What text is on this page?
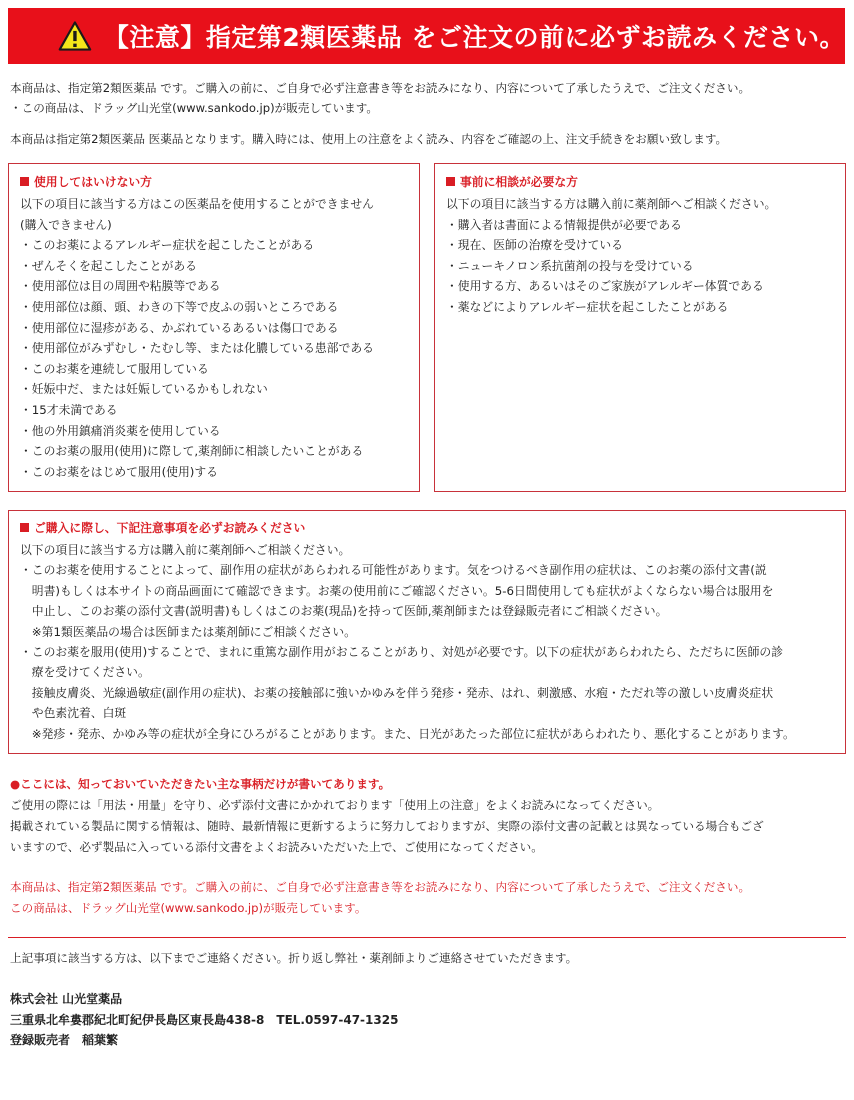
【注意】指定第2類医薬品 をご注文の前に必ずお読みください。
本商品は、指定第2類医薬品 です。ご購入の前に、ご自身で必ず注意書き等をお読みになり、内容について了承したうえで、ご注文ください。
・この商品は、ドラッグ山光堂(www.sankodo.jp)が販売しています。
本商品は指定第2類医薬品 医薬品となります。購入時には、使用上の注意をよく読み、内容をご確認の上、注文手続きをお願い致します。
使用してはいけない方
以下の項目に該当する方はこの医薬品を使用することができません
(購入できません)
・このお薬によるアレルギー症状を起こしたことがある
・ぜんそくを起こしたことがある
・使用部位は目の周囲や粘膜等である
・使用部位は顔、頭、わきの下等で皮ふの弱いところである
・使用部位に湿疹がある、かぶれているあるいは傷口である
・使用部位がみずむし・たむし等、または化膿している患部である
・このお薬を連続して服用している
・妊娠中だ、または妊娠しているかもしれない
・15才未満である
・他の外用鎮痛消炎薬を使用している
・このお薬の服用(使用)に際して,薬剤師に相談したいことがある
・このお薬をはじめて服用(使用)する
事前に相談が必要な方
以下の項目に該当する方は購入前に薬剤師へご相談ください。
・購入者は書面による情報提供が必要である
・現在、医師の治療を受けている
・ニューキノロン系抗菌剤の投与を受けている
・使用する方、あるいはそのご家族がアレルギー体質である
・薬などによりアレルギー症状を起こしたことがある
ご購入に際し、下記注意事項を必ずお読みください
以下の項目に該当する方は購入前に薬剤師へご相談ください。
・このお薬を使用することによって、副作用の症状があらわれる可能性があります。気をつけるべき副作用の症状は、このお薬の添付文書(説
　明書)もしくは本サイトの商品画面にて確認できます。お薬の使用前にご確認ください。5-6日間使用しても症状がよくならない場合は服用を
　中止し、このお薬の添付文書(説明書)もしくはこのお薬(現品)を持って医師,薬剤師または登録販売者にご相談ください。
　※第1類医薬品の場合は医師または薬剤師にご相談ください。
・このお薬を服用(使用)することで、まれに重篤な副作用がおこることがあり、対処が必要です。以下の症状があらわれたら、ただちに医師の診
　療を受けてください。
　接触皮膚炎、光線過敏症(副作用の症状)、お薬の接触部に強いかゆみを伴う発疹・発赤、はれ、刺激感、水疱・ただれ等の激しい皮膚炎症状
　や色素沈着、白斑
　※発疹・発赤、かゆみ等の症状が全身にひろがることがあります。また、日光があたった部位に症状があらわれたり、悪化することがあります。
●ここには、知っておいていただきたい主な事柄だけが書いてあります。
ご使用の際には「用法・用量」を守り、必ず添付文書にかかれております「使用上の注意」をよくお読みになってください。
掲載されている製品に関する情報は、随時、最新情報に更新するように努力しておりますが、実際の添付文書の記載とは異なっている場合もござ
いますので、必ず製品に入っている添付文書をよくお読みいただいた上で、ご使用になってください。
本商品は、指定第2類医薬品 です。ご購入の前に、ご自身で必ず注意書き等をお読みになり、内容について了承したうえで、ご注文ください。
この商品は、ドラッグ山光堂(www.sankodo.jp)が販売しています。
上記事項に該当する方は、以下までご連絡ください。折り返し弊社・薬剤師よりご連絡させていただきます。
株式会社 山光堂薬品
三重県北牟婁郡紀北町紀伊長島区東長島438-8　TEL.0597-47-1325
登録販売者　稲葉繁
